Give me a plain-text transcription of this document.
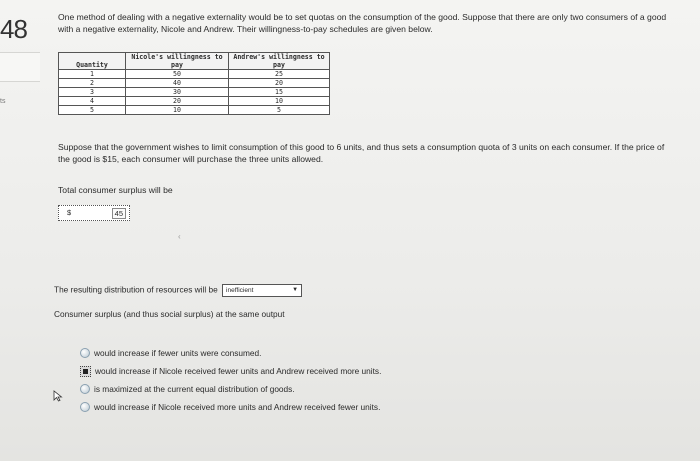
48
ts
One method of dealing with a negative externality would be to set quotas on the consumption of the good. Suppose that there are only two consumers of a good with a negative externality, Nicole and Andrew. Their willingness-to-pay schedules are given below.
Quantity	Nicole's willingness to pay	Andrew's willingness to pay
1	50	25
2	40	20
3	30	15
4	20	10
5	10	5
Suppose that the government wishes to limit consumption of this good to 6 units, and thus sets a consumption quota of 3 units on each consumer. If the price of the good is $15, each consumer will purchase the three units allowed.
Total consumer surplus will be
$	45
‹
The resulting distribution of resources will be inefficient	▼
Consumer surplus (and thus social surplus) at the same output
would increase if fewer units were consumed.
would increase if Nicole received fewer units and Andrew received more units.
is maximized at the current equal distribution of goods.
would increase if Nicole received more units and Andrew received fewer units.
